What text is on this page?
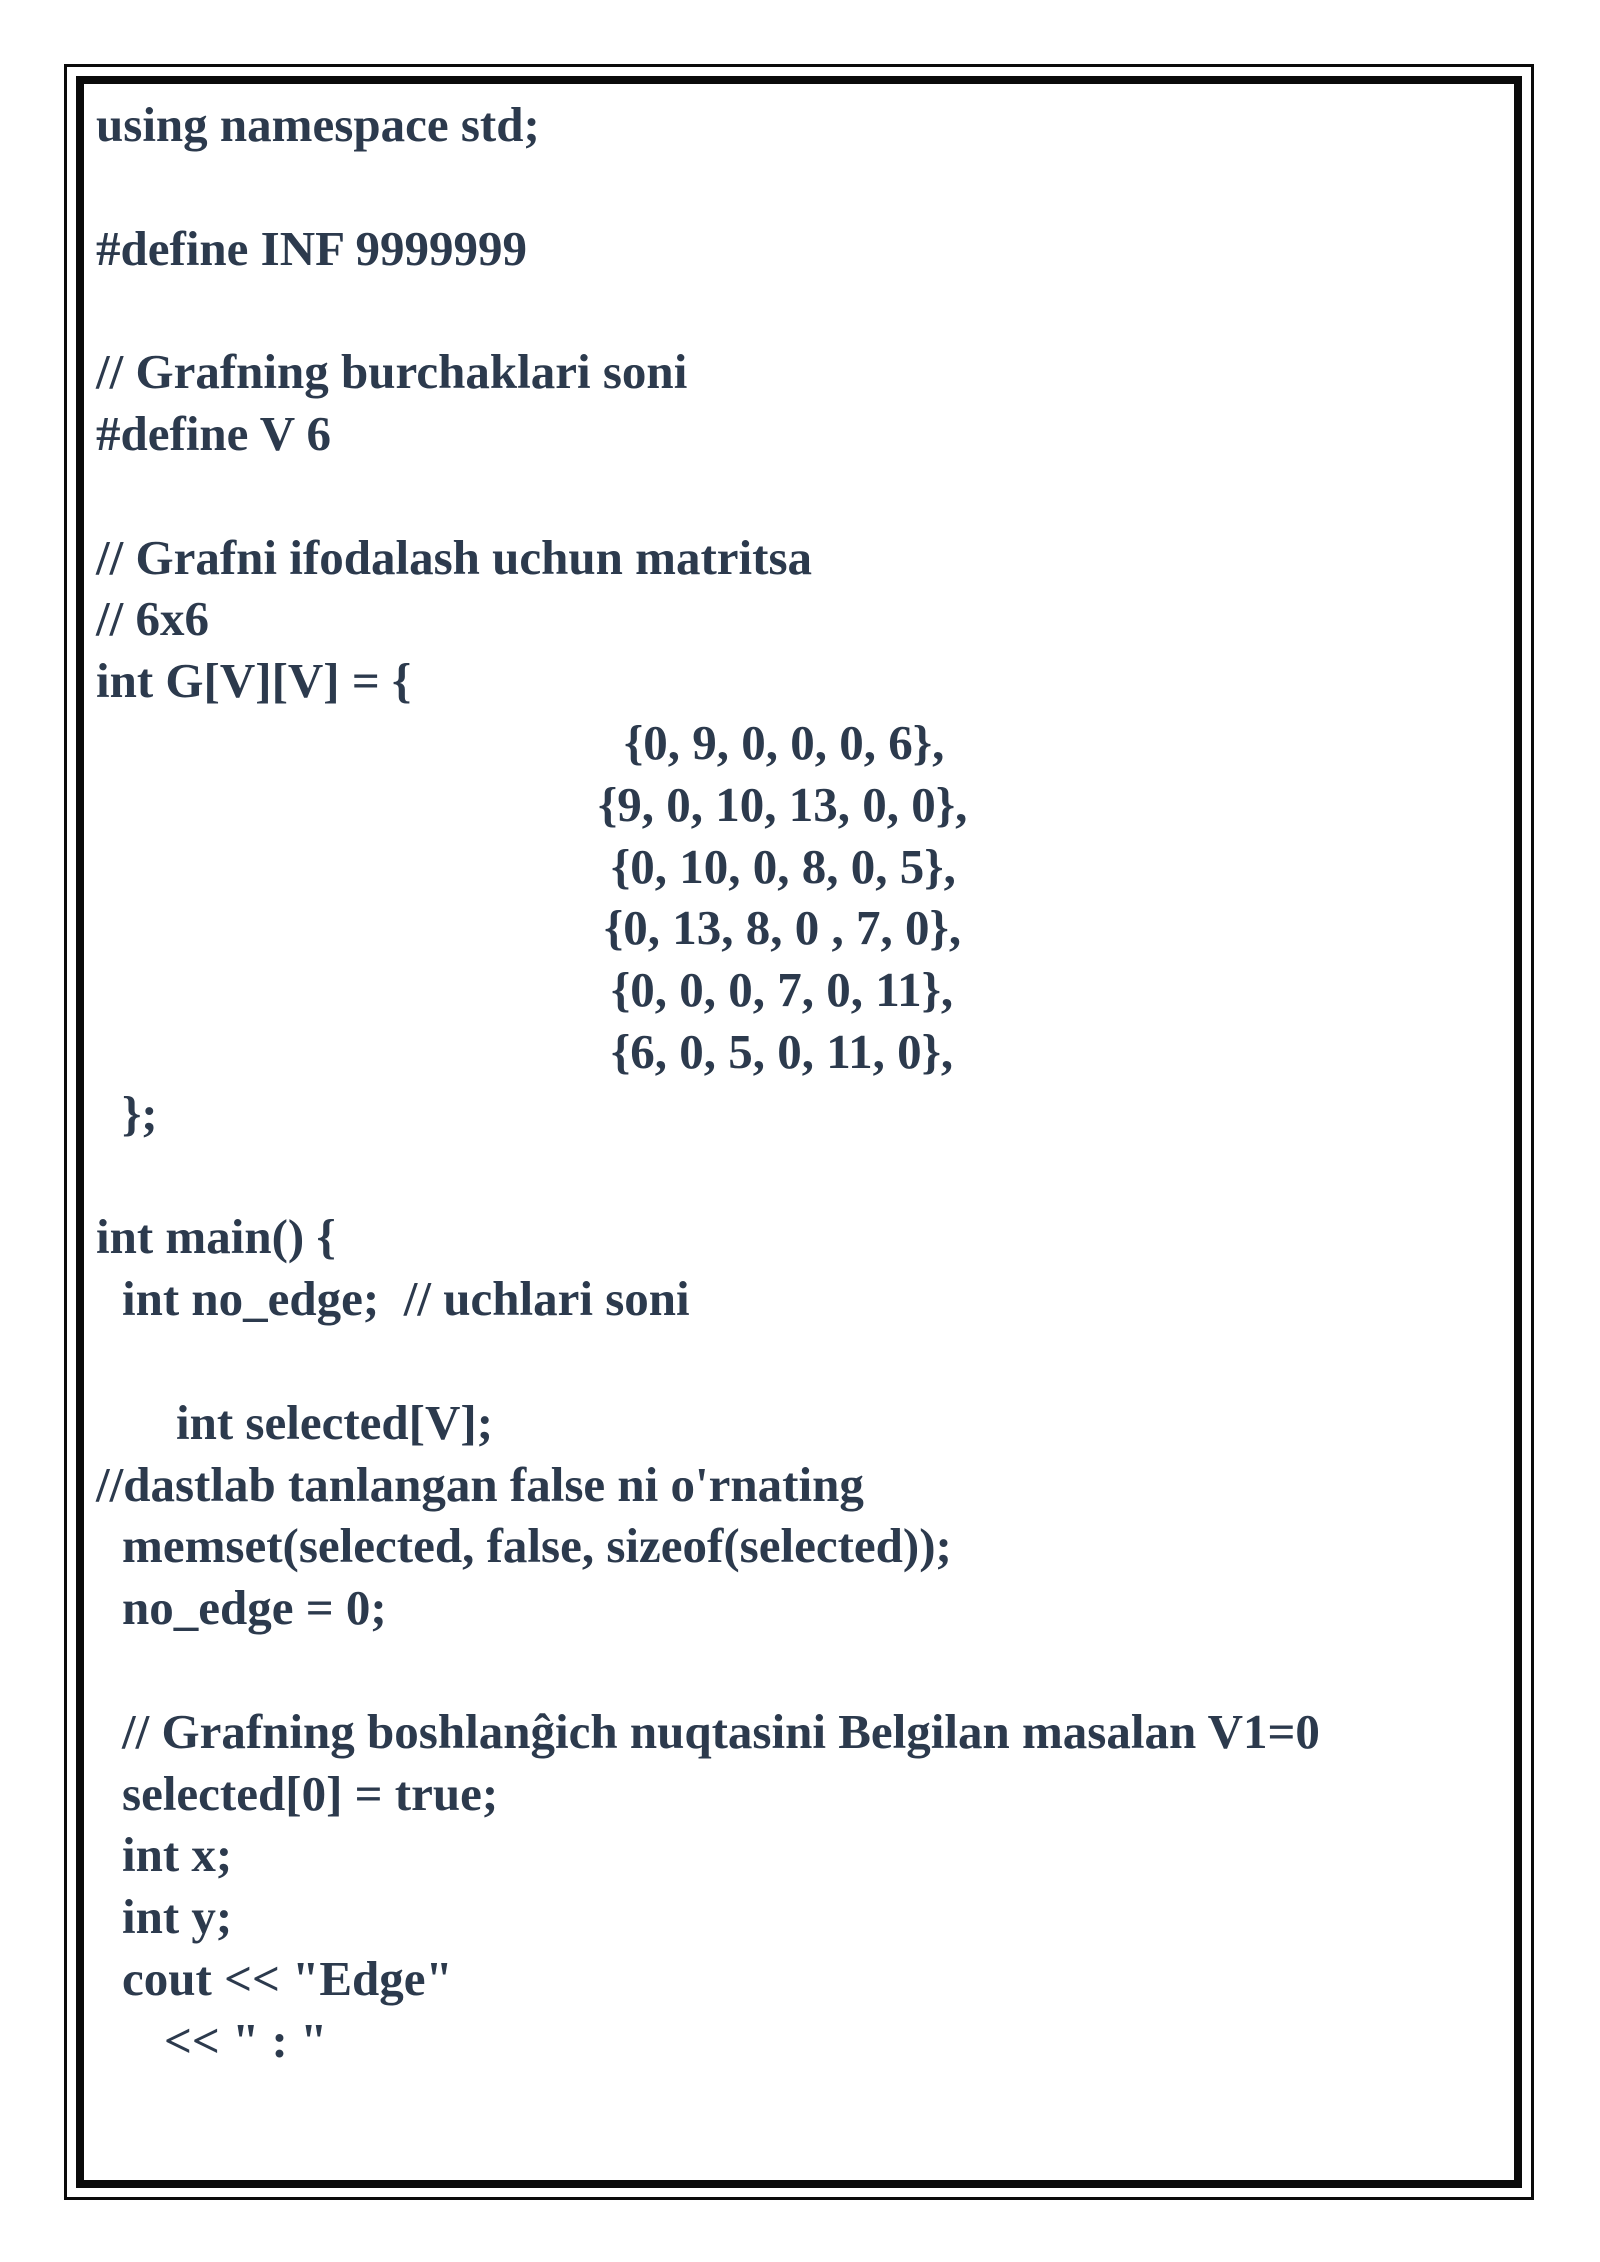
using namespace std;
#define INF 9999999
// Grafning burchaklari soni
#define V 6
// Grafni ifodalash uchun matritsa
// 6x6
int G[V][V] = {
{0, 9, 0, 0, 0, 6},
{9, 0, 10, 13, 0, 0},
{0, 10, 0, 8, 0, 5},
{0, 13, 8, 0 , 7, 0},
{0, 0, 0, 7, 0, 11},
{6, 0, 5, 0, 11, 0},
};
int main() {
int no_edge;  // uchlari soni
int selected[V];
//dastlab tanlangan false ni o'rnating
memset(selected, false, sizeof(selected));
no_edge = 0;
// Grafning boshlanĝich nuqtasini Belgilan masalan V1=0
selected[0] = true;
int x;
int y;
cout << "Edge"
<< " : "
